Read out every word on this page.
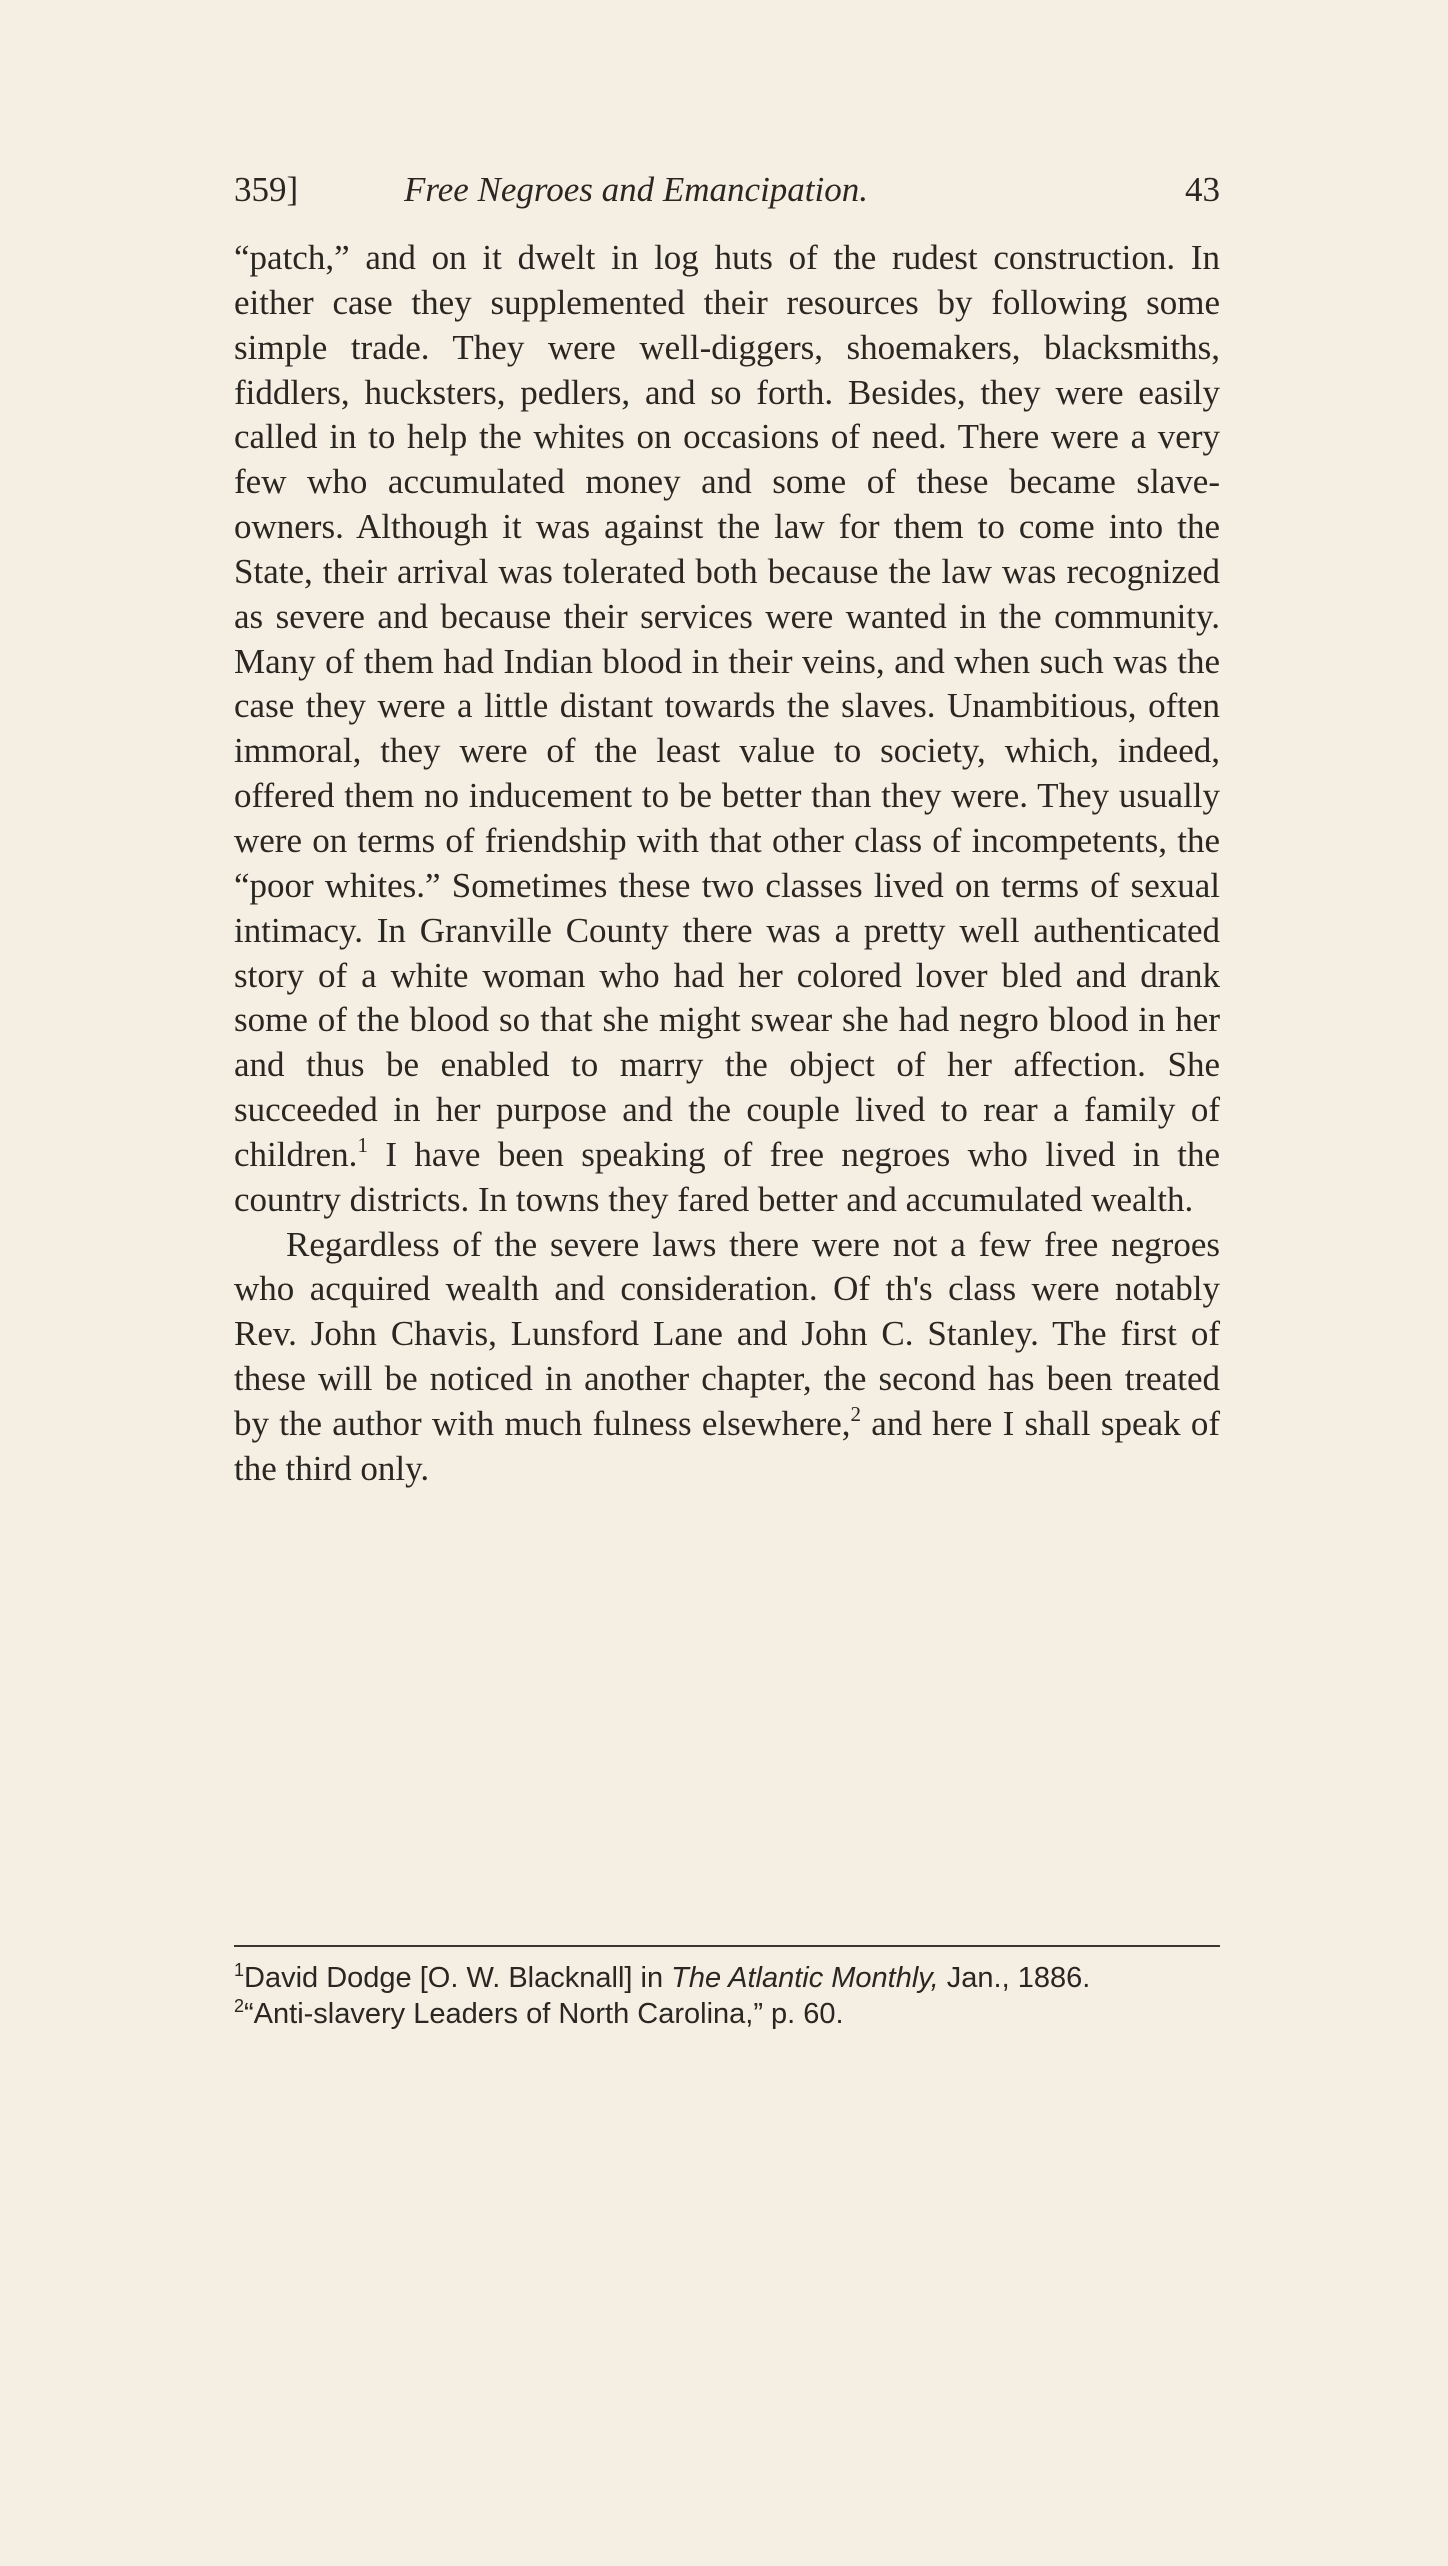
359]	Free Negroes and Emancipation.	43

“patch,” and on it dwelt in log huts of the rudest construction. In either case they supplemented their resources by following some simple trade. They were well-diggers, shoemakers, blacksmiths, fiddlers, hucksters, pedlers, and so forth. Besides, they were easily called in to help the whites on occasions of need. There were a very few who accumulated money and some of these became slave-owners. Although it was against the law for them to come into the State, their arrival was tolerated both because the law was recognized as severe and because their services were wanted in the community. Many of them had Indian blood in their veins, and when such was the case they were a little distant towards the slaves. Unambitious, often immoral, they were of the least value to society, which, indeed, offered them no inducement to be better than they were. They usually were on terms of friendship with that other class of incompetents, the “poor whites.” Sometimes these two classes lived on terms of sexual intimacy. In Granville County there was a pretty well authenticated story of a white woman who had her colored lover bled and drank some of the blood so that she might swear she had negro blood in her and thus be enabled to marry the object of her affection. She succeeded in her purpose and the couple lived to rear a family of children.$^1$ I have been speaking of free negroes who lived in the country districts. In towns they fared better and accumulated wealth.

Regardless of the severe laws there were not a few free negroes who acquired wealth and consideration. Of th's class were notably Rev. John Chavis, Lunsford Lane and John C. Stanley. The first of these will be noticed in another chapter, the second has been treated by the author with much fulness elsewhere,$^2$ and here I shall speak of the third only.

$^1$David Dodge [O. W. Blacknall] in The Atlantic Monthly, Jan., 1886.

$^2$“Anti-slavery Leaders of North Carolina,” p. 60.
